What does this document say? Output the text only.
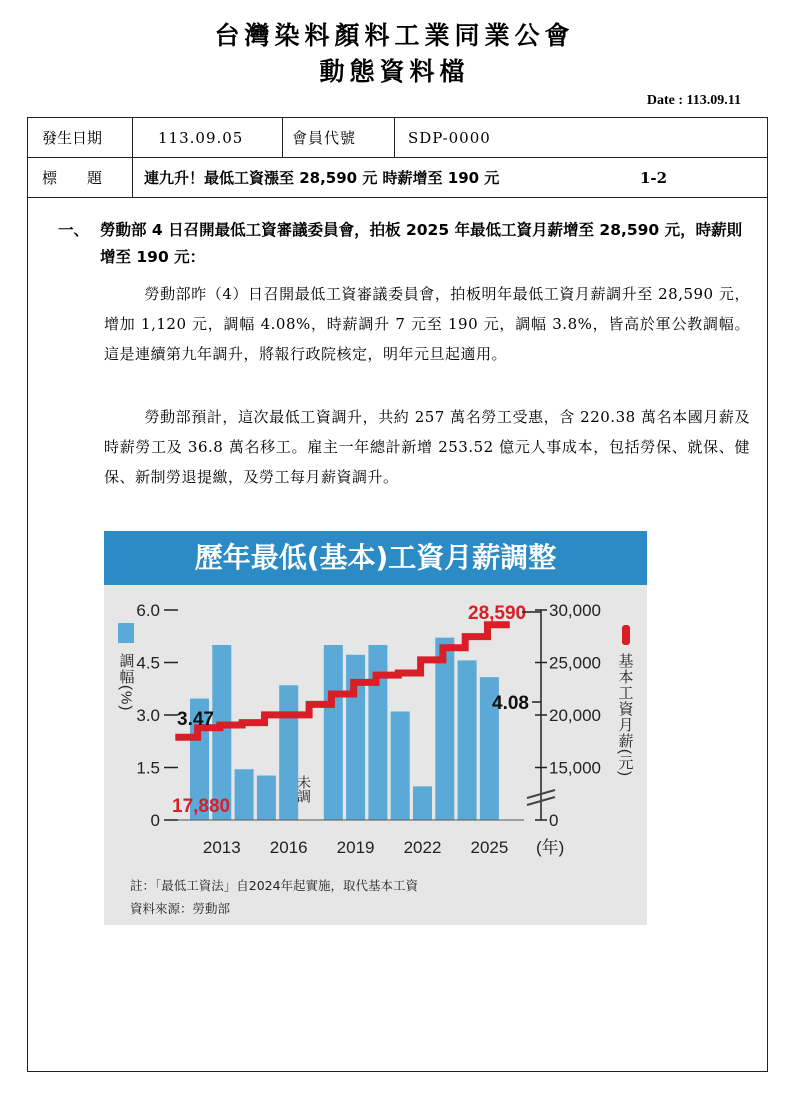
台灣染料顏料工業同業公會
動態資料檔
Date : 113.09.11
發生日期	113.09.05	會員代號	SDP-0000
標　　題	連九升！最低工資漲至 28,590 元 時薪增至 190 元	1-2
一、 勞動部 4 日召開最低工資審議委員會，拍板 2025 年最低工資月薪增至 28,590 元，時薪則增至 190 元：
勞動部昨（4）日召開最低工資審議委員會，拍板明年最低工資月薪調升至 28,590 元，增加 1,120 元，調幅 4.08%，時薪調升 7 元至 190 元，調幅 3.8%，皆高於軍公教調幅。這是連續第九年調升，將報行政院核定，明年元旦起適用。
勞動部預計，這次最低工資調升，共約 257 萬名勞工受惠，含 220.38 萬名本國月薪及時薪勞工及 36.8 萬名移工。雇主一年總計新增 253.52 億元人事成本，包括勞保、就保、健保、新制勞退提繳，及勞工每月薪資調升。
歷年最低(基本)工資月薪調整
6.0
4.5
3.0
1.5
0
調幅(%)
30,000
25,000
20,000
15,000
0
基本工資月薪(元)
2013 2016 2019 2022 2025 (年)
3.47
17,880
28,590
4.08
未調
註：「最低工資法」自2024年起實施，取代基本工資
資料來源：勞動部
